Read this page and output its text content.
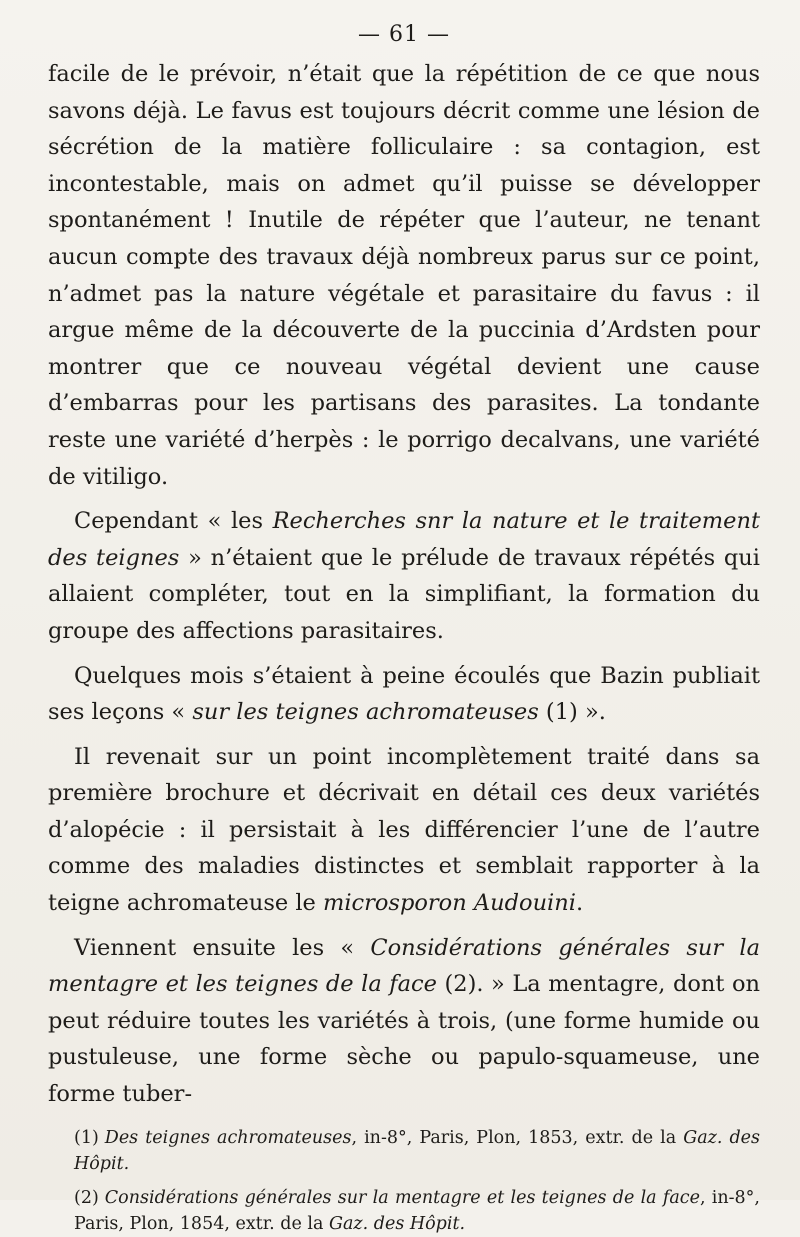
— 61 —

facile de le prévoir, n’était que la répétition de ce que nous savons déjà. Le favus est toujours décrit comme une lésion de sécrétion de la matière folliculaire : sa contagion, est incontestable, mais on admet qu’il puisse se développer spontanément ! Inutile de répéter que l’auteur, ne tenant aucun compte des travaux déjà nombreux parus sur ce point, n’admet pas la nature végétale et parasitaire du favus : il argue même de la découverte de la puccinia d’Ardsten pour montrer que ce nouveau végétal devient une cause d’embarras pour les partisans des parasites. La tondante reste une variété d’herpès : le porrigo decalvans, une variété de vitiligo.

Cependant « les Recherches snr la nature et le traitement des teignes » n’étaient que le prélude de travaux répétés qui allaient compléter, tout en la simplifiant, la formation du groupe des affections parasitaires.

Quelques mois s’étaient à peine écoulés que Bazin publiait ses leçons « sur les teignes achromateuses (1) ».

Il revenait sur un point incomplètement traité dans sa première brochure et décrivait en détail ces deux variétés d’alopécie : il persistait à les différencier l’une de l’autre comme des maladies distinctes et semblait rapporter à la teigne achromateuse le microsporon Audouini.

Viennent ensuite les « Considérations générales sur la mentagre et les teignes de la face (2). » La mentagre, dont on peut réduire toutes les variétés à trois, (une forme humide ou pustuleuse, une forme sèche ou papulo-squameuse, une forme tuber-

(1) Des teignes achromateuses, in-8°, Paris, Plon, 1853, extr. de la Gaz. des Hôpit.

(2) Considérations générales sur la mentagre et les teignes de la face, in-8°, Paris, Plon, 1854, extr. de la Gaz. des Hôpit.
